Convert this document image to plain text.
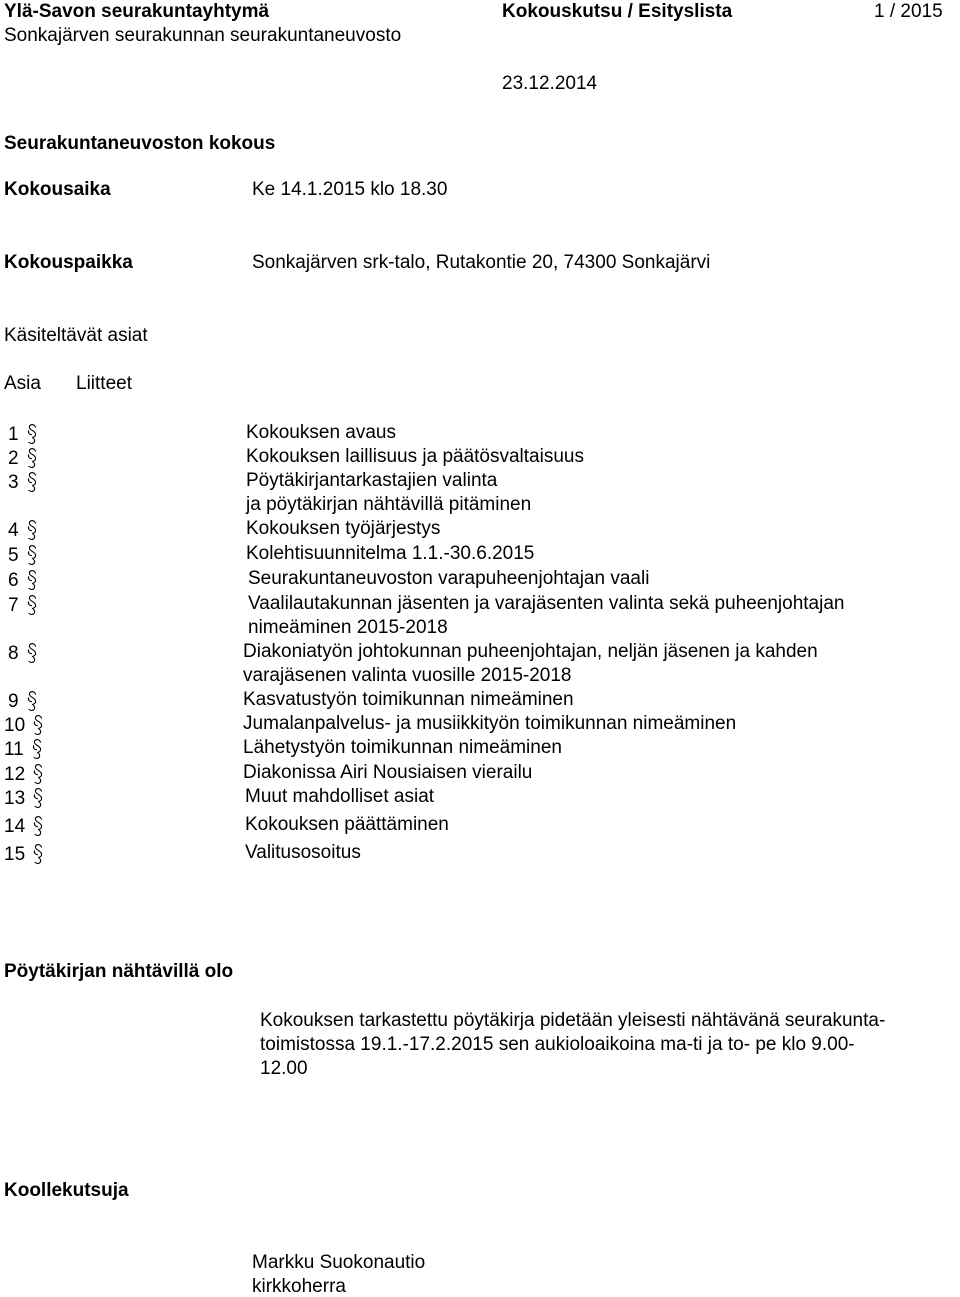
Ylä-Savon seurakuntayhtymä
Sonkajärven seurakunnan seurakuntaneuvosto
Kokouskutsu / Esityslista	1 / 2015
23.12.2014
Seurakuntaneuvoston kokous
Kokousaika	Ke 14.1.2015 klo 18.30
Kokouspaikka	Sonkajärven srk-talo, Rutakontie 20, 74300 Sonkajärvi
Käsiteltävät asiat
Asia Liitteet
1	Kokouksen avaus
2	Kokouksen laillisuus ja päätösvaltaisuus
3	Pöytäkirjantarkastajien valinta
ja pöytäkirjan nähtävillä pitäminen
4	Kokouksen työjärjestys
5	Kolehtisuunnitelma 1.1.-30.6.2015
6	Seurakuntaneuvoston varapuheenjohtajan vaali
7	Vaalilautakunnan jäsenten ja varajäsenten valinta sekä puheenjohtajan
nimeäminen 2015-2018
8	Diakoniatyön johtokunnan puheenjohtajan, neljän jäsenen ja kahden
varajäsenen valinta vuosille 2015-2018
9	Kasvatustyön toimikunnan nimeäminen
10	Jumalanpalvelus- ja musiikkityön toimikunnan nimeäminen
11	Lähetystyön toimikunnan nimeäminen
12	Diakonissa Airi Nousiaisen vierailu
13	Muut mahdolliset asiat
14	Kokouksen päättäminen
15	Valitusosoitus
Pöytäkirjan nähtävillä olo
Kokouksen tarkastettu pöytäkirja pidetään yleisesti nähtävänä seurakunta-
toimistossa 19.1.-17.2.2015 sen aukioloaikoina ma-ti ja to- pe klo 9.00-
12.00
Koollekutsuja
Markku Suokonautio
kirkkoherra
